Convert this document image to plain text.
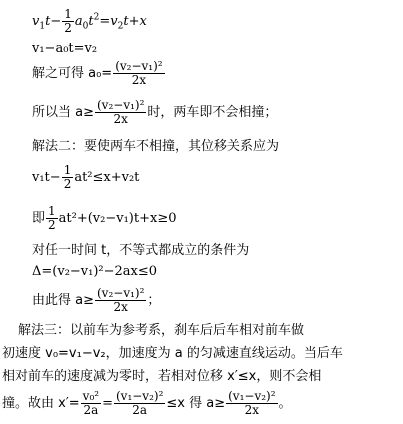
$v_1t- \frac{1}{2} a_0t^2=v_2t+x$
v₁−a₀t=v₂
解之可得 $a_0= \frac{\text{(v₂−v₁)²}}{2x}$
所以当 $a\ge \frac{\text{(v₂−v₁)²}}{2x}$ 时，两车即不会相撞；
解法二：要使两车不相撞，其位移关系应为
$v_1t- \frac{1}{2} at^2\le x+v_2t$
即 $\frac{1}{2} at^2+(v_2-v_1)t+x\ge 0$
对任一时间 t，不等式都成立的条件为
Δ=(v₂−v₁)²−2ax≤0
由此得 $a\ge \frac{\text{(v₂−v₁)²}}{2x}$ ；
解法三：以前车为参考系，刹车后后车相对前车做
初速度 v₀=v₁−v₂，加速度为 a 的匀减速直线运动。当后车
相对前车的速度减为零时，若相对位移 x′≤x，则不会相
撞。故由 $x'= \frac{\text{v₀²}}{2a} = \frac{\text{(v₁−v₂)²}}{2a} \le x$ 得 $a\ge \frac{\text{(v₁−v₂)²}}{2x}$ 。
